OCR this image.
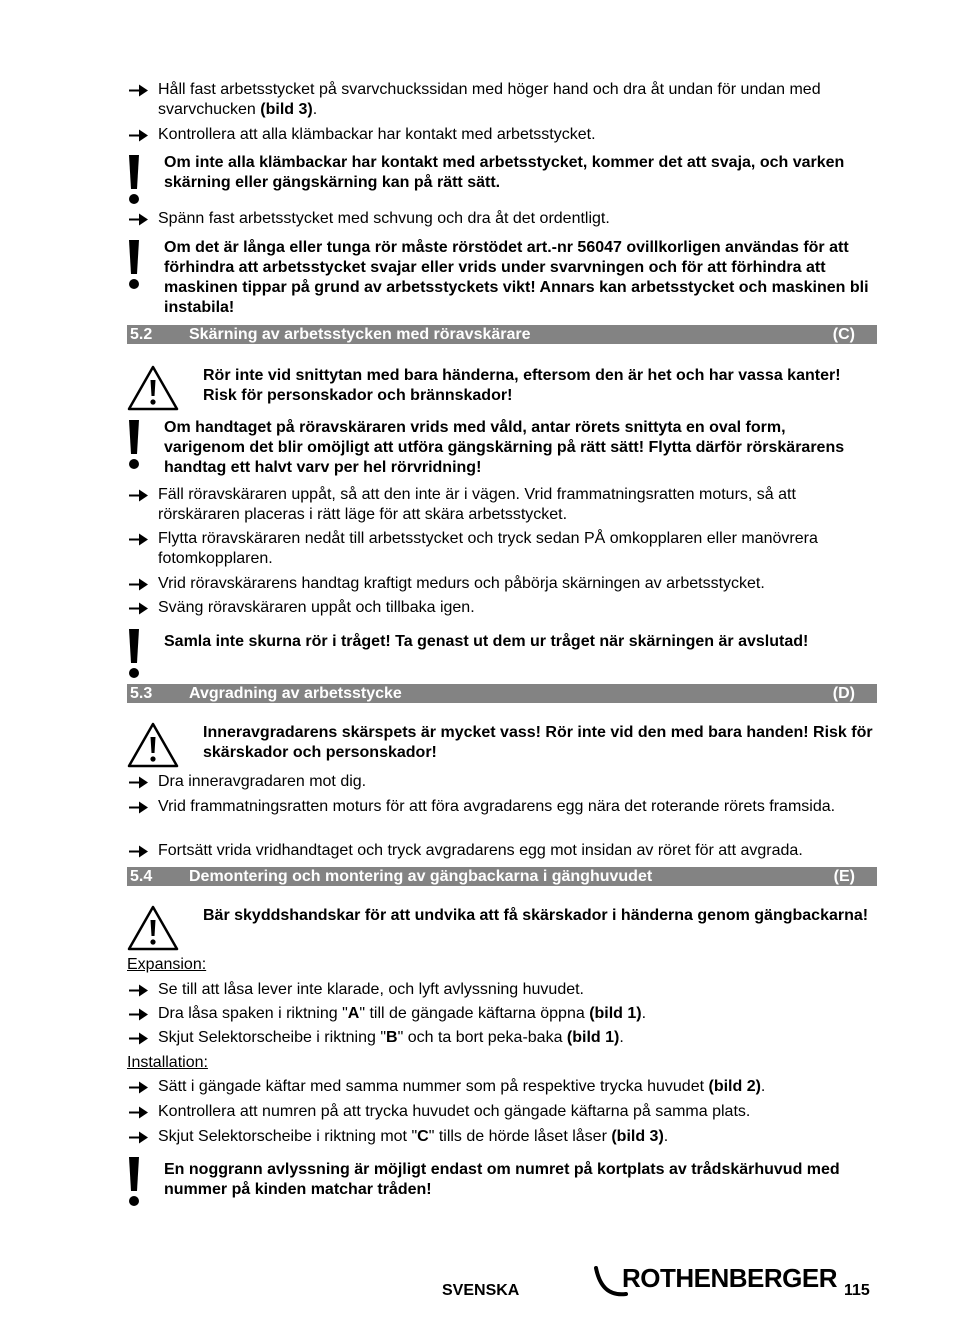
Håll fast arbetsstycket på svarvchuckssidan med höger hand och dra åt undan för undan med svarvchucken (bild 3).
Kontrollera att alla klämbackar har kontakt med arbetsstycket.
Om inte alla klämbackar har kontakt med arbetsstycket, kommer det att svaja, och varken skärning eller gängskärning kan på rätt sätt.
Spänn fast arbetsstycket med schvung och dra åt det ordentligt.
Om det är långa eller tunga rör måste rörstödet art.-nr 56047 ovillkorligen användas för att förhindra att arbetsstycket svajar eller vrids under svarvningen och för att förhindra att maskinen tippar på grund av arbetsstyckets vikt! Annars kan arbetsstycket och maskinen bli instabila!
5.2 Skärning av arbetsstycken med röravskärare	(C)
Rör inte vid snittytan med bara händerna, eftersom den är het och har vassa kanter! Risk för personskador och brännskador!
Om handtaget på röravskäraren vrids med våld, antar rörets snittyta en oval form, varigenom det blir omöjligt att utföra gängskärning på rätt sätt! Flytta därför rörskärarens handtag ett halvt varv per hel rörvridning!
Fäll röravskäraren uppåt, så att den inte är i vägen. Vrid frammatningsratten moturs, så att rörskäraren placeras i rätt läge för att skära arbetsstycket.
Flytta röravskäraren nedåt till arbetsstycket och tryck sedan PÅ omkopplaren eller manövrera fotomkopplaren.
Vrid röravskärarens handtag kraftigt medurs och påbörja skärningen av arbetsstycket.
Sväng röravskäraren uppåt och tillbaka igen.
Samla inte skurna rör i tråget! Ta genast ut dem ur tråget när skärningen är avslutad!
5.3 Avgradning av arbetsstycke	(D)
Inneravgradarens skärspets är mycket vass! Rör inte vid den med bara handen! Risk för skärskador och personskador!
Dra inneravgradaren mot dig.
Vrid frammatningsratten moturs för att föra avgradarens egg nära det roterande rörets framsida.
Fortsätt vrida vridhandtaget och tryck avgradarens egg mot insidan av röret för att avgrada.
5.4 Demontering och montering av gängbackarna i gänghuvudet	(E)
Bär skyddshandskar för att undvika att få skärskador i händerna genom gängbackarna!
Expansion:
Se till att låsa lever inte klarade, och lyft avlyssning huvudet.
Dra låsa spaken i riktning "A" till de gängade käftarna öppna (bild 1).
Skjut Selektorscheibe i riktning "B" och ta bort peka-baka (bild 1).
Installation:
Sätt i gängade käftar med samma nummer som på respektive trycka huvudet (bild 2).
Kontrollera att numren på att trycka huvudet och gängade käftarna på samma plats.
Skjut Selektorscheibe i riktning mot "C" tills de hörde låset låser (bild 3).
En noggrann avlyssning är möjligt endast om numret på kortplats av trådskärhuvud med nummer på kinden matchar tråden!
SVENSKA	ROTHENBERGER 115
